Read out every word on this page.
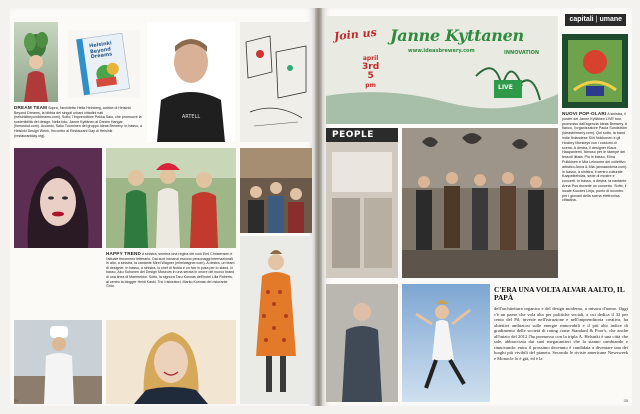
Helsinki Beyond Dreams
ARTELL
DREAM TEAM Sopra, l'architetto Hella Heinberg, autrice di Helsinki Beyond Dreams, la bibbia dei singoli urbani cittadini nati (helsinkibeyonddreams.com). Sotto, l'imprenditore Pekka Salo, che promuove la sostenibilità del design. Nella foto, Janne Kyttänen al Dream Hangar (fomustud.com). Accanto, Saku Tuominen del gruppo Ideas Brewery. In basso, a Helsinki Design Week, l'incontro al Restaurant Day di Helsinki (restaurantday.org).
HAPPY TREND A sinistra, sembra una regina del rock Emi Christensen è l'attuale fenomeno letterario. Dai suoi romanzi escono personaggi internazionali. In alto, a sinistra, la cantante Mirel Wagner (mirelwagner.com). A destra, un team di designer. In basso, a sinistra, lo chef di Nokia e un fan in posa per lo stand. In basso, Aku Suhonen del Design Museum in una serata in onore del nuovo brand di una linea di Marimekko. Sotto, la signora Taru Kunnas dell'hotel Lilla Roberts, al centro la blogger Heidi Kaski. Tra i ristoratori, Marko Kunnas del ristorante Grön.
34
capitali | umane
Join us
april
3rd
5
pm
Janne Kyttanen
www.ideasbrewery.com	INNOVATION
LIVE
NUOVI POP-OLARI A sinistra, il poster del Janne Kyttänen LIVE tour, promosso dall'agenzia Ideas Brewery. A fianco, l'organizzatore Paula Sundström (ideasbrewery.com). Qui sotto, la band indie finlandese Siiri Nokkonen e gli Hockey Monkeys con i costumi di scena. A destra, il designer Klaus Haapaniemi, famoso per le stampe dei tessuti Iittala. Più in basso, Elina Pulkkinen e Mia Leinonen del collettivo artistico Anna & Mia (annaandmia.com). In basso, a sinistra, il centro culturale Kaapelitehdas, sede di mostre e concerti. In basso, a destra, la cantante Anna Puu durante un concerto. Sotto, il locale Kuudes Linja, punto di incontro per i giovani della scena elettronica cittadina.
PEOPLE
C'ERA UNA VOLTA ALVAR AALTO, IL PAPÀ
dell'architettura organica e del design moderno, a misura d'uomo. Oggi c'è un paese che vola alto per politiche sociali, a cui dedica il 32 per cento del Pil, investe nell'istruzione e nell'imprenditoria creativa, ha obiettivi ambiziosi sulle energie rinnovabili e il più alto indice di gradimento delle società di rating come Standard & Poor's, che anche all'inizio del 2012 l'ha promosso con la tripla A. Helsinki è una città che sale, abbracciata dai suoi megacantieri che la stanno cambiando e rinnovando: entro il prossimo decennio è candidata a diventare una dei luoghi più vivibili del pianeta. Secondo le riviste americane Newsweek e Monocle lo è già, ed è la
35
